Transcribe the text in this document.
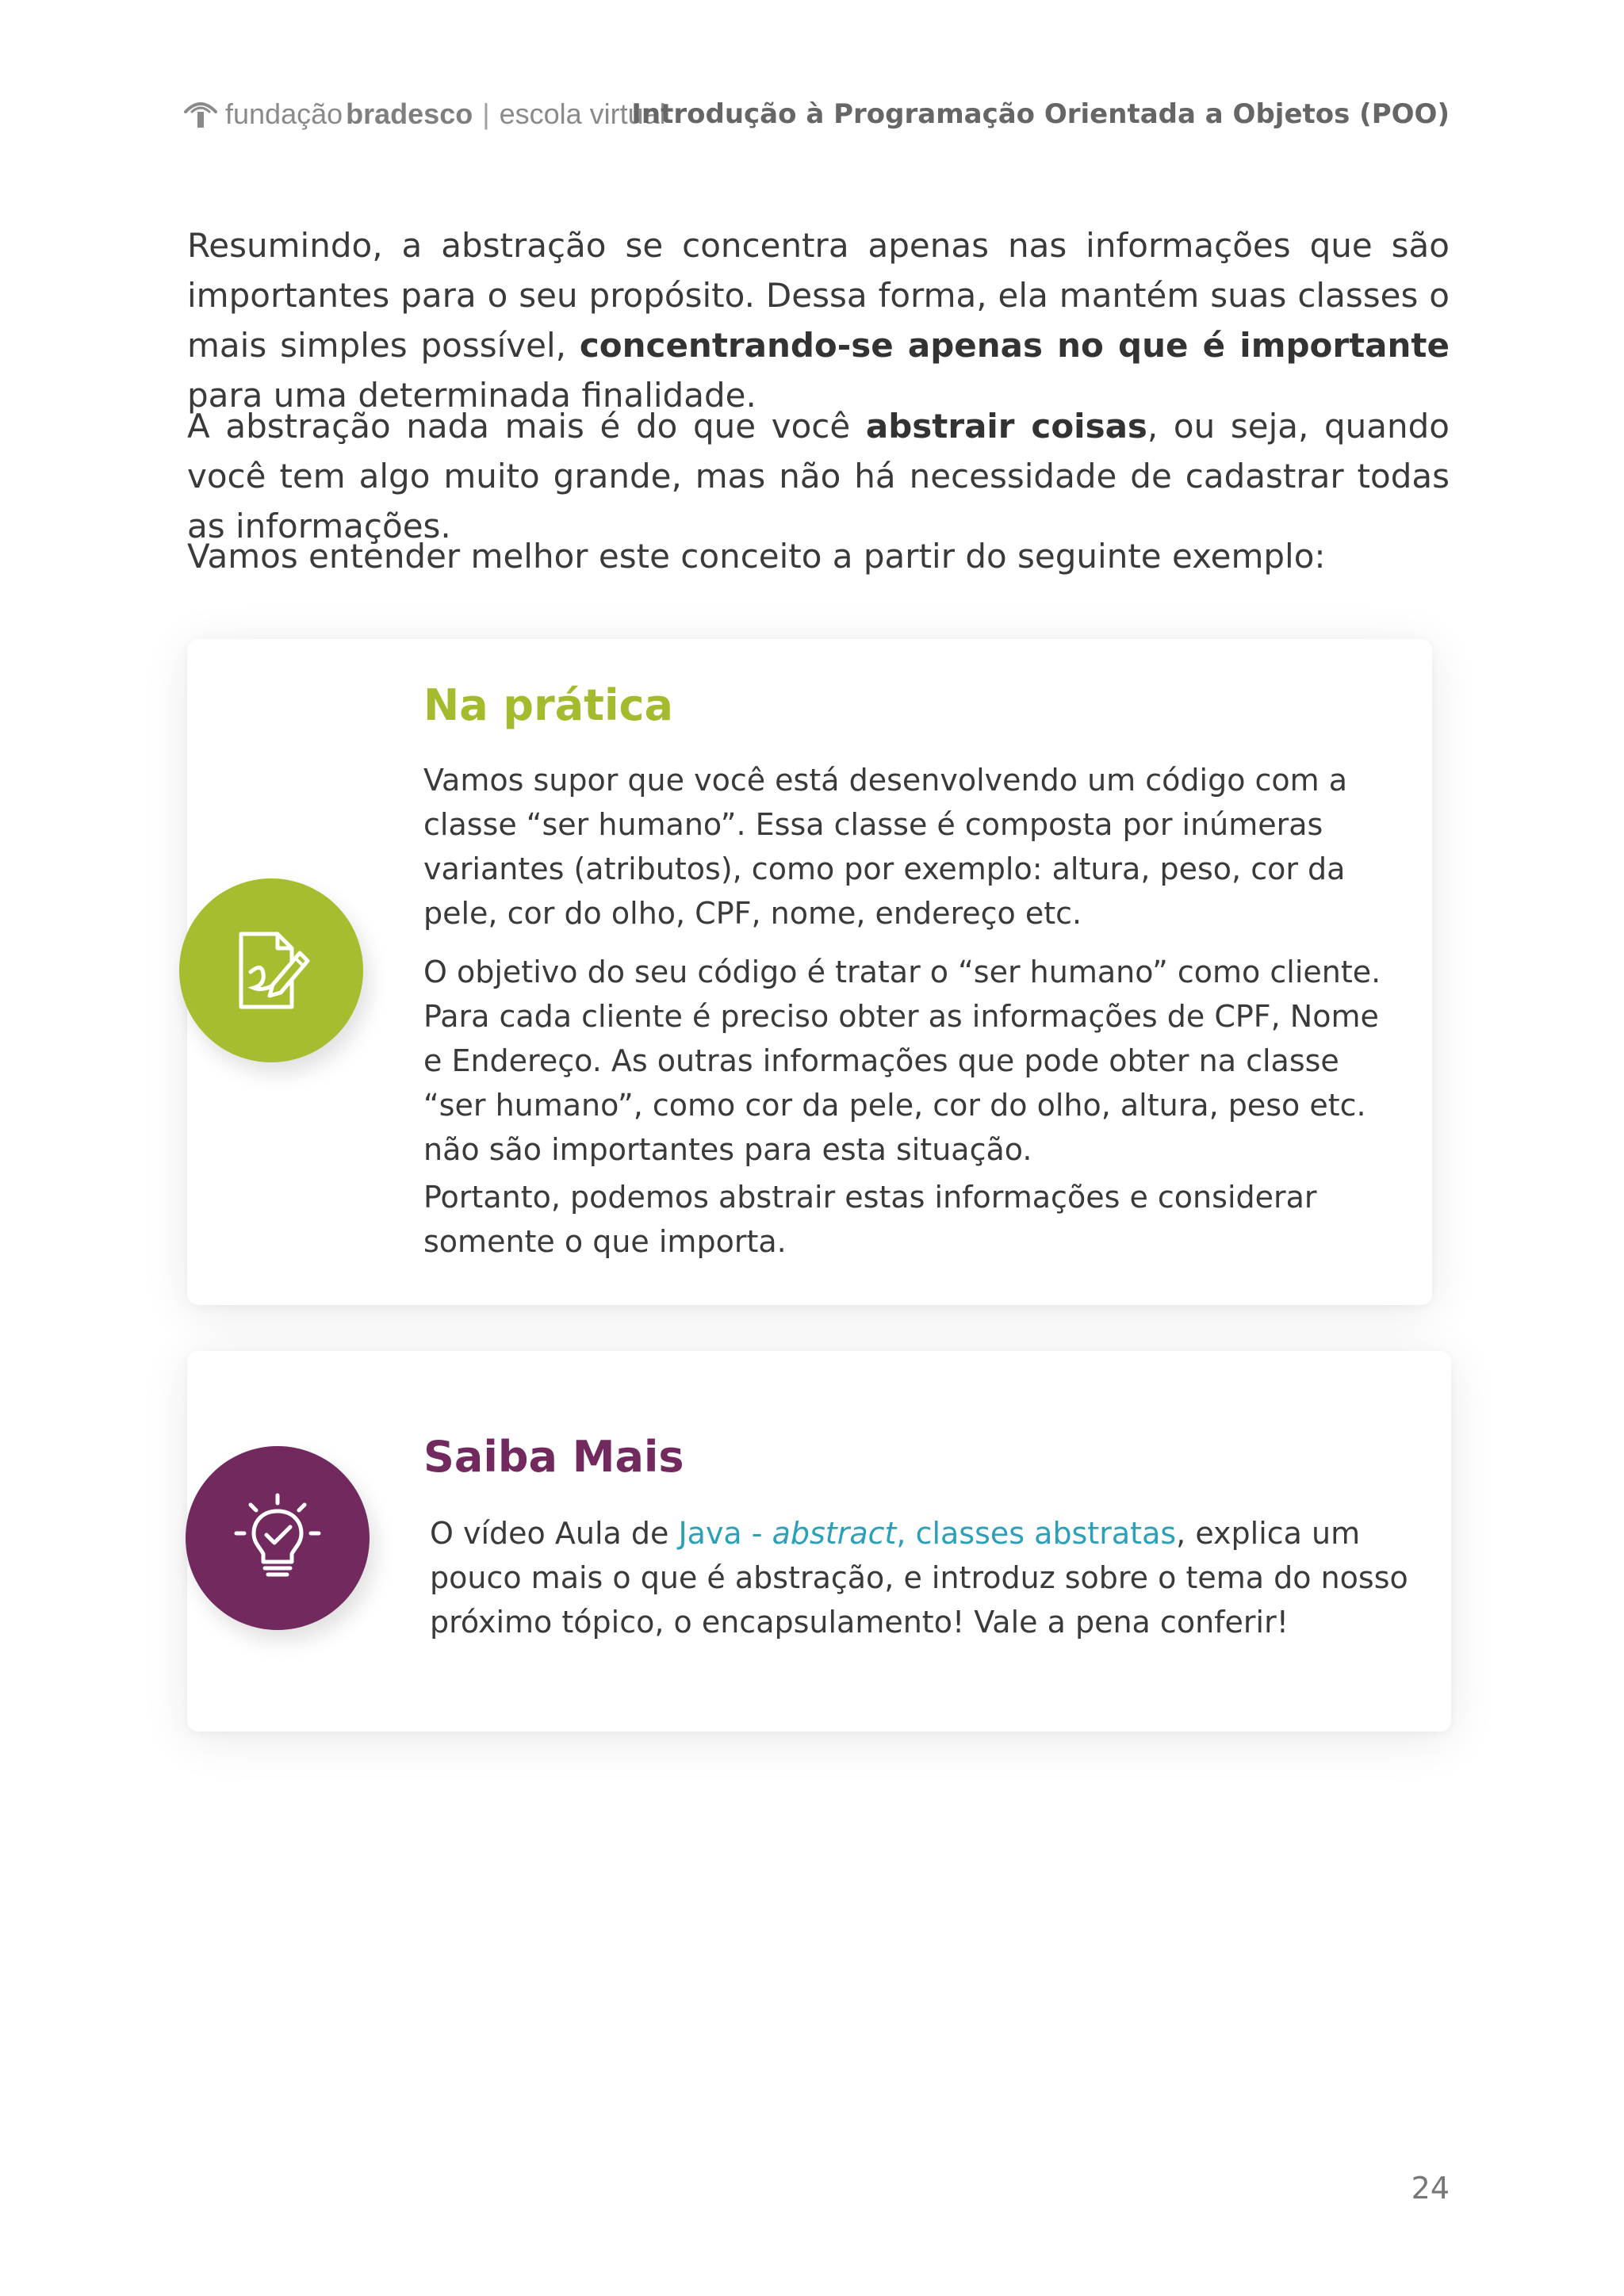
fundação bradesco | escola virtual
Introdução à Programação Orientada a Objetos (POO)

Resumindo, a abstração se concentra apenas nas informações que são importantes para o seu propósito. Dessa forma, ela mantém suas classes o mais simples possível, concentrando-se apenas no que é importante para uma determinada finalidade.

A abstração nada mais é do que você abstrair coisas, ou seja, quando você tem algo muito grande, mas não há necessidade de cadastrar todas as informações.

Vamos entender melhor este conceito a partir do seguinte exemplo:

Na prática

Vamos supor que você está desenvolvendo um código com a classe “ser humano”. Essa classe é composta por inúmeras variantes (atributos), como por exemplo: altura, peso, cor da pele, cor do olho, CPF, nome, endereço etc.

O objetivo do seu código é tratar o “ser humano” como cliente. Para cada cliente é preciso obter as informações de CPF, Nome e Endereço. As outras informações que pode obter na classe “ser humano”, como cor da pele, cor do olho, altura, peso etc. não são importantes para esta situação.

Portanto, podemos abstrair estas informações e considerar somente o que importa.

Saiba Mais

O vídeo Aula de Java - abstract, classes abstratas, explica um pouco mais o que é abstração, e introduz sobre o tema do nosso próximo tópico, o encapsulamento! Vale a pena conferir!

24
